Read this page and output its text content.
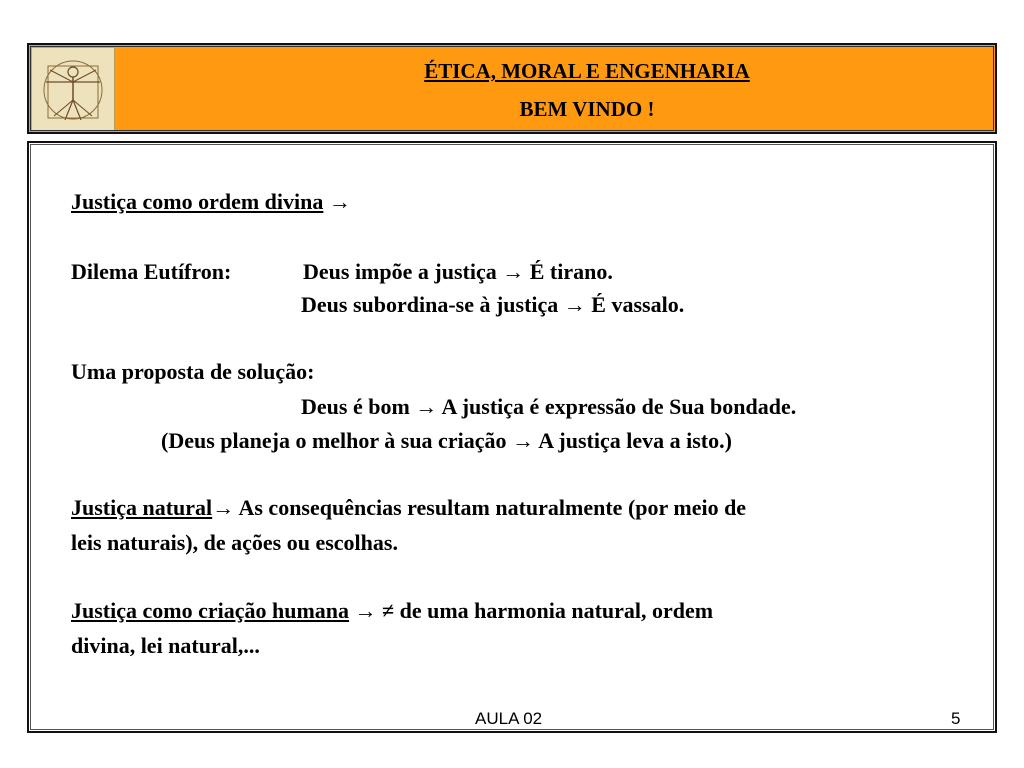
ÉTICA, MORAL E ENGENHARIA
BEM VINDO !
Justiça como ordem divina →
Dilema Eutífron:	Deus impõe a justiça → É tirano.
Deus subordina-se à justiça → É vassalo.
Uma proposta de solução:
Deus é bom → A justiça é expressão de Sua bondade.
(Deus planeja o melhor à sua criação → A justiça leva a isto.)
Justiça natural→ As consequências resultam naturalmente (por meio de
leis naturais), de ações ou escolhas.
Justiça como criação humana → ≠ de uma harmonia natural, ordem
divina, lei natural,...
AULA 02	5
